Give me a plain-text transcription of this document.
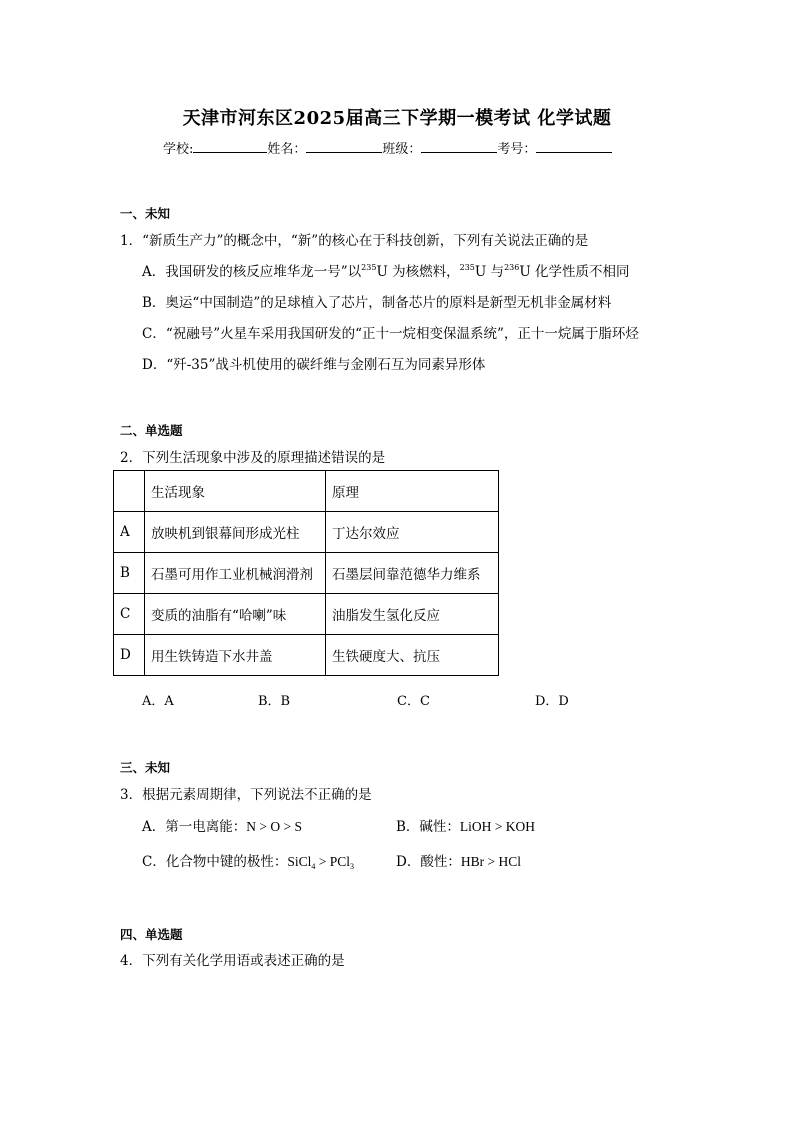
天津市河东区2025届高三下学期一模考试 化学试题
学校:	姓名：	班级：	考号：
一、未知
1．“新质生产力”的概念中，“新”的核心在于科技创新，下列有关说法正确的是
A．我国研发的核反应堆华龙一号”以$^{235}$U 为核燃料，$^{235}$U 与$^{236}$U 化学性质不相同
B．奥运“中国制造”的足球植入了芯片，制备芯片的原料是新型无机非金属材料
C．“祝融号”火星车采用我国研发的“正十一烷相变保温系统”，正十一烷属于脂环烃
D．“歼-35”战斗机使用的碳纤维与金刚石互为同素异形体
二、单选题
2．下列生活现象中涉及的原理描述错误的是
	生活现象	原理
A	放映机到银幕间形成光柱	丁达尔效应
B	石墨可用作工业机械润滑剂	石墨层间靠范德华力维系
C	变质的油脂有“哈喇”味	油脂发生氢化反应
D	用生铁铸造下水井盖	生铁硬度大、抗压
A．A	B．B	C．C	D．D
三、未知
3．根据元素周期律，下列说法不正确的是
A．第一电离能：N > O > S	B．碱性：LiOH > KOH
C．化合物中键的极性：SiCl$_4$ > PCl$_3$	D．酸性：HBr > HCl
四、单选题
4．下列有关化学用语或表述正确的是
